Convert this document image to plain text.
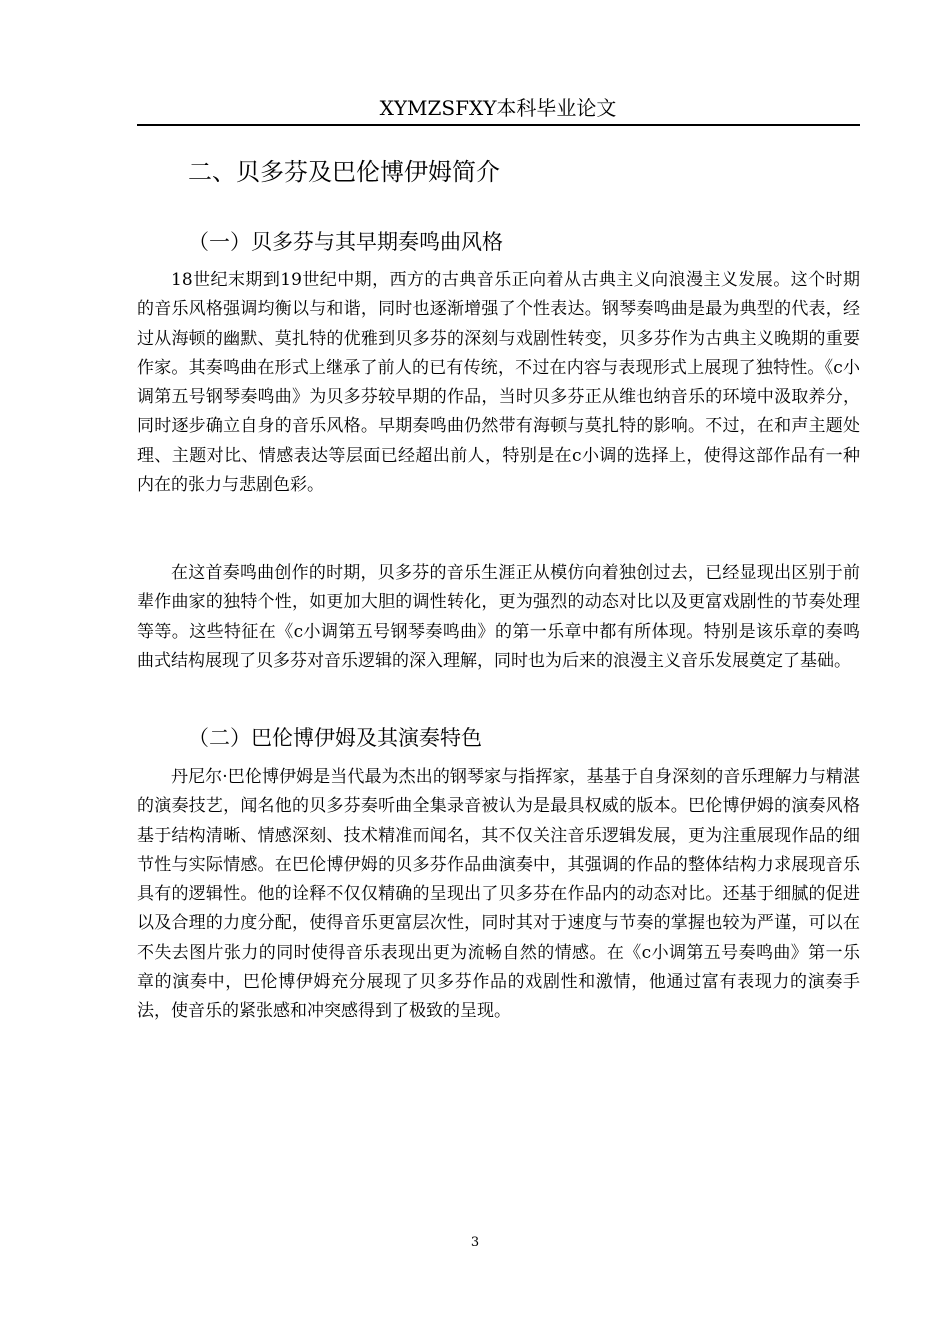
XYMZSFXY本科毕业论文
二、贝多芬及巴伦博伊姆简介
（一）贝多芬与其早期奏鸣曲风格

18世纪末期到19世纪中期，西方的古典音乐正向着从古典主义向浪漫主义发展。这个时期的音乐风格强调均衡以与和谐，同时也逐渐增强了个性表达。钢琴奏鸣曲是最为典型的代表，经过从海顿的幽默、莫扎特的优雅到贝多芬的深刻与戏剧性转变，贝多芬作为古典主义晚期的重要作家。其奏鸣曲在形式上继承了前人的已有传统，不过在内容与表现形式上展现了独特性。《c小调第五号钢琴奏鸣曲》为贝多芬较早期的作品，当时贝多芬正从维也纳音乐的环境中汲取养分，同时逐步确立自身的音乐风格。早期奏鸣曲仍然带有海顿与莫扎特的影响。不过，在和声主题处理、主题对比、情感表达等层面已经超出前人，特别是在c小调的选择上，使得这部作品有一种内在的张力与悲剧色彩。

在这首奏鸣曲创作的时期，贝多芬的音乐生涯正从模仿向着独创过去，已经显现出区别于前辈作曲家的独特个性，如更加大胆的调性转化，更为强烈的动态对比以及更富戏剧性的节奏处理等等。这些特征在《c小调第五号钢琴奏鸣曲》的第一乐章中都有所体现。特别是该乐章的奏鸣曲式结构展现了贝多芬对音乐逻辑的深入理解，同时也为后来的浪漫主义音乐发展奠定了基础。

（二）巴伦博伊姆及其演奏特色

丹尼尔·巴伦博伊姆是当代最为杰出的钢琴家与指挥家，基基于自身深刻的音乐理解力与精湛的演奏技艺，闻名他的贝多芬奏听曲全集录音被认为是最具权威的版本。巴伦博伊姆的演奏风格基于结构清晰、情感深刻、技术精准而闻名，其不仅关注音乐逻辑发展，更为注重展现作品的细节性与实际情感。在巴伦博伊姆的贝多芬作品曲演奏中，其强调的作品的整体结构力求展现音乐具有的逻辑性。他的诠释不仅仅精确的呈现出了贝多芬在作品内的动态对比。还基于细腻的促进以及合理的力度分配，使得音乐更富层次性，同时其对于速度与节奏的掌握也较为严谨，可以在不失去图片张力的同时使得音乐表现出更为流畅自然的情感。在《c小调第五号奏鸣曲》第一乐章的演奏中，巴伦博伊姆充分展现了贝多芬作品的戏剧性和激情，他通过富有表现力的演奏手法，使音乐的紧张感和冲突感得到了极致的呈现。

3
